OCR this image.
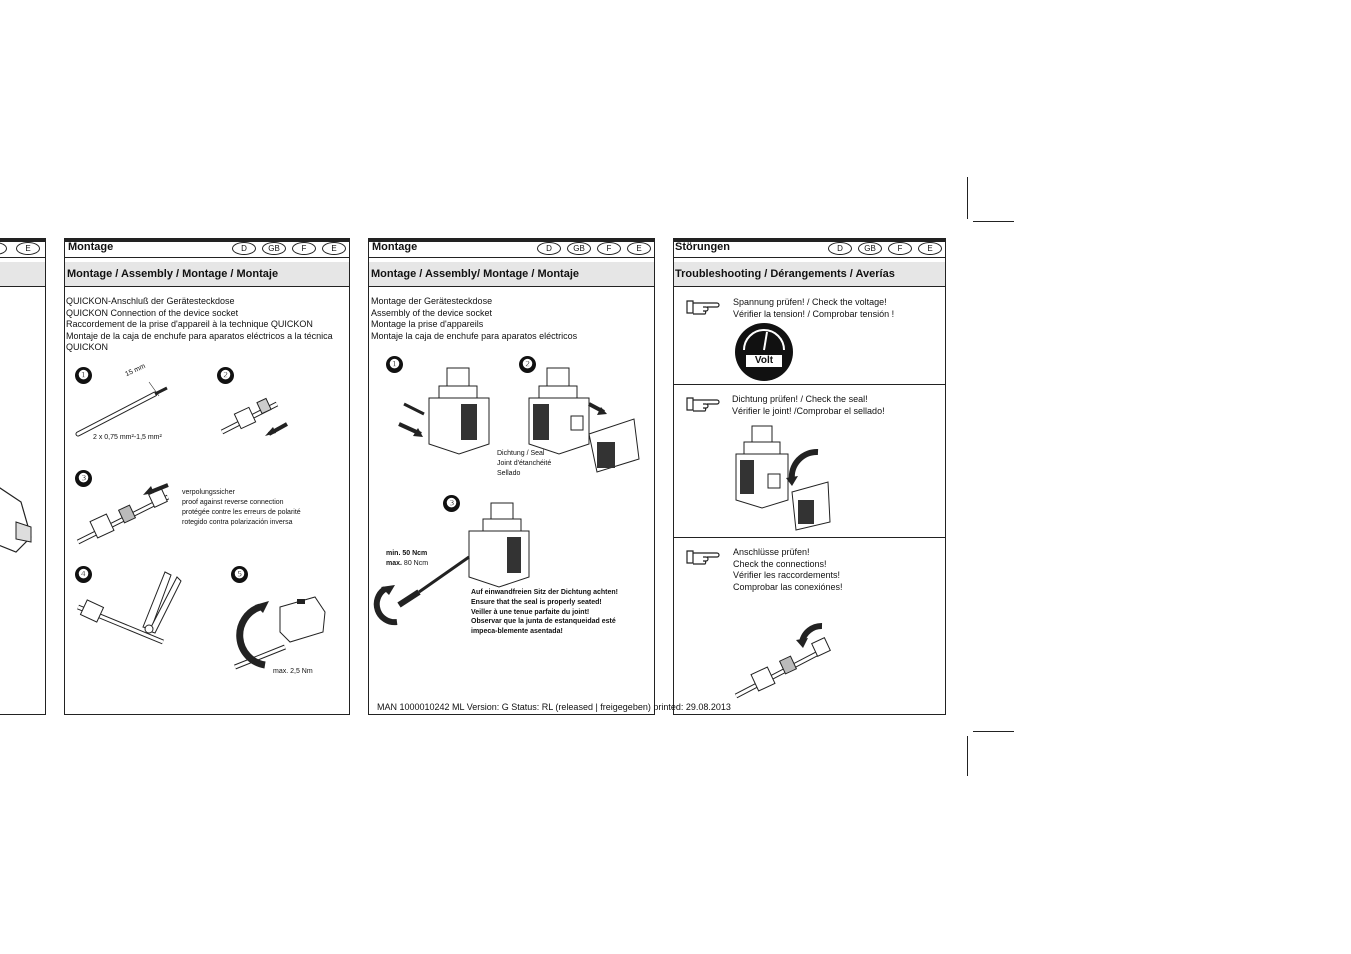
E	Montage	D	GB	F	E
Montage / Assembly / Montage / Montaje
QUICKON-Anschluß der Gerätesteckdose
QUICKON Connection of the device socket
Raccordement de la prise d'appareil à la technique QUICKON
Montaje de la caja de enchufe para aparatos eléctricos a la técnica
QUICKON
❶	❷
❸
❹	❺
15 mm
2 x 0,75 mm²-1,5 mm²
verpolungssicher
proof against reverse connection
protégée contre les erreurs de polarité
rotegido contra polarización inversa
max. 2,5 Nm
Montage	D	GB	F	E
Montage / Assembly/ Montage / Montaje
Montage der Gerätesteckdose
Assembly of the device socket
Montage la prise d'appareils
Montaje la caja de enchufe para aparatos eléctricos
❶	❷
❸
Dichtung / Seal
Joint d'étanchéité
Sellado
min. 50 Ncm
max. 80 Ncm
Auf einwandfreien Sitz der Dichtung achten!
Ensure that the seal is properly seated!
Veiller à une tenue parfaite du joint!
Observar que la junta de estanqueidad esté
impeca-blemente asentada!
Störungen	D	GB	F	E
Troubleshooting / Dérangements / Averías
Spannung prüfen! / Check the voltage!
Vérifier la tension! / Comprobar tensión !
Volt
Dichtung prüfen! / Check the seal!
Vérifier le joint! /Comprobar el sellado!
Anschlüsse prüfen!
Check the connections!
Vérifier les raccordements!
Comprobar las conexiónes!
MAN 1000010242 ML Version: G Status: RL (released | freigegeben) printed: 29.08.2013
